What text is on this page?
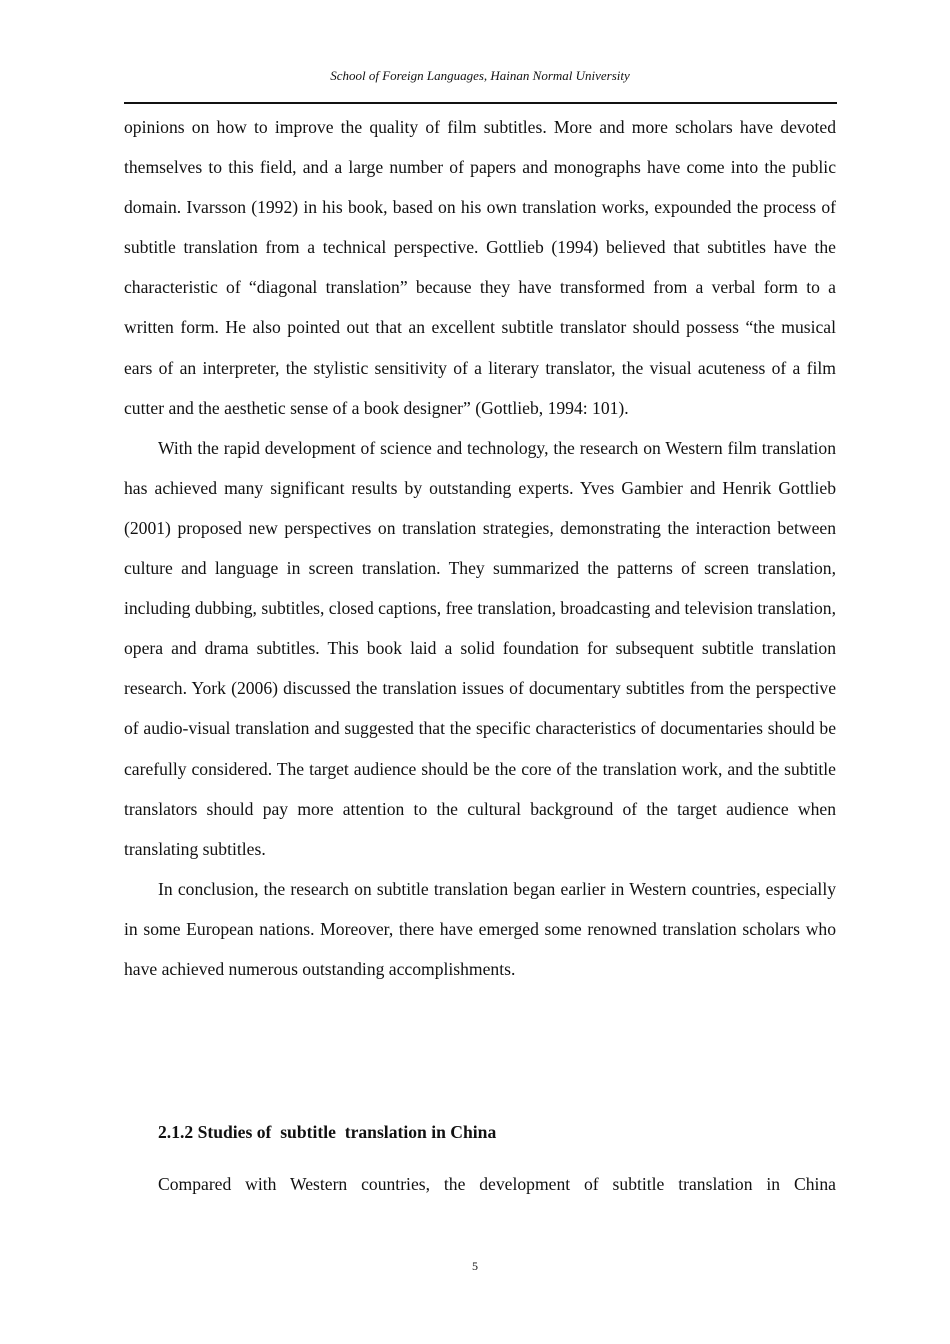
School of Foreign Languages, Hainan Normal University

opinions on how to improve the quality of film subtitles. More and more scholars have devoted themselves to this field, and a large number of papers and monographs have come into the public domain. Ivarsson (1992) in his book, based on his own translation works, expounded the process of subtitle translation from a technical perspective. Gottlieb (1994) believed that subtitles have the characteristic of “diagonal translation” because they have transformed from a verbal form to a written form. He also pointed out that an excellent subtitle translator should possess “the musical ears of an interpreter, the stylistic sensitivity of a literary translator, the visual acuteness of a film cutter and the aesthetic sense of a book designer” (Gottlieb, 1994: 101).

With the rapid development of science and technology, the research on Western film translation has achieved many significant results by outstanding experts. Yves Gambier and Henrik Gottlieb (2001) proposed new perspectives on translation strategies, demonstrating the interaction between culture and language in screen translation. They summarized the patterns of screen translation, including dubbing, subtitles, closed captions, free translation, broadcasting and television translation, opera and drama subtitles. This book laid a solid foundation for subsequent subtitle translation research. York (2006) discussed the translation issues of documentary subtitles from the perspective of audio-visual translation and suggested that the specific characteristics of documentaries should be carefully considered. The target audience should be the core of the translation work, and the subtitle translators should pay more attention to the cultural background of the target audience when translating subtitles.

In conclusion, the research on subtitle translation began earlier in Western countries, especially in some European nations. Moreover, there have emerged some renowned translation scholars who have achieved numerous outstanding accomplishments.

2.1.2 Studies of  subtitle  translation in China
Compared with Western countries, the development of subtitle translation in China
5
